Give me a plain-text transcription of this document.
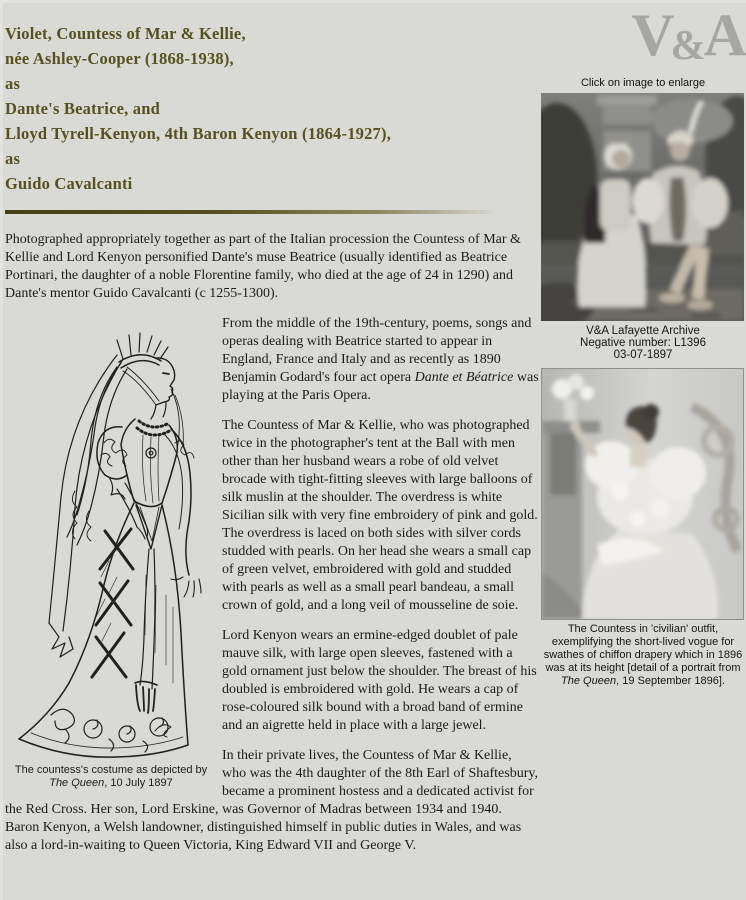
Violet, Countess of Mar & Kellie,
née Ashley-Cooper (1868-1938),
as
Dante's Beatrice, and
Lloyd Tyrell-Kenyon, 4th Baron Kenyon (1864-1927),
as
Guido Cavalcanti

Photographed appropriately together as part of the Italian procession the Countess of Mar & Kellie and Lord Kenyon personified Dante's muse Beatrice (usually identified as Beatrice Portinari, the daughter of a noble Florentine family, who died at the age of 24 in 1290) and Dante's mentor Guido Cavalcanti (c 1255-1300).

The countess's costume as depicted by The Queen, 10 July 1897

From the middle of the 19th-century, poems, songs and operas dealing with Beatrice started to appear in England, France and Italy and as recently as 1890 Benjamin Godard's four act opera Dante et Béatrice was playing at the Paris Opera.

The Countess of Mar & Kellie, who was photographed twice in the photographer's tent at the Ball with men other than her husband wears a robe of old velvet brocade with tight-fitting sleeves with large balloons of silk muslin at the shoulder. The overdress is white Sicilian silk with very fine embroidery of pink and gold. The overdress is laced on both sides with silver cords studded with pearls. On her head she wears a small cap of green velvet, embroidered with gold and studded with pearls as well as a small pearl bandeau, a small crown of gold, and a long veil of mousseline de soie.

Lord Kenyon wears an ermine-edged doublet of pale mauve silk, with large open sleeves, fastened with a gold ornament just below the shoulder. The breast of his doubled is embroidered with gold. He wears a cap of rose-coloured silk bound with a broad band of ermine and an aigrette held in place with a large jewel.

In their private lives, the Countess of Mar & Kellie, who was the 4th daughter of the 8th Earl of Shaftesbury, became a prominent hostess and a dedicated activist for the Red Cross. Her son, Lord Erskine, was Governor of Madras between 1934 and 1940. Baron Kenyon, a Welsh landowner, distinguished himself in public duties in Wales, and was also a lord-in-waiting to Queen Victoria, King Edward VII and George V.

V&A
Click on image to enlarge
V&A Lafayette Archive
Negative number: L1396
03-07-1897
The Countess in 'civilian' outfit, exemplifying the short-lived vogue for swathes of chiffon drapery which in 1896 was at its height [detail of a portrait from The Queen, 19 September 1896].
